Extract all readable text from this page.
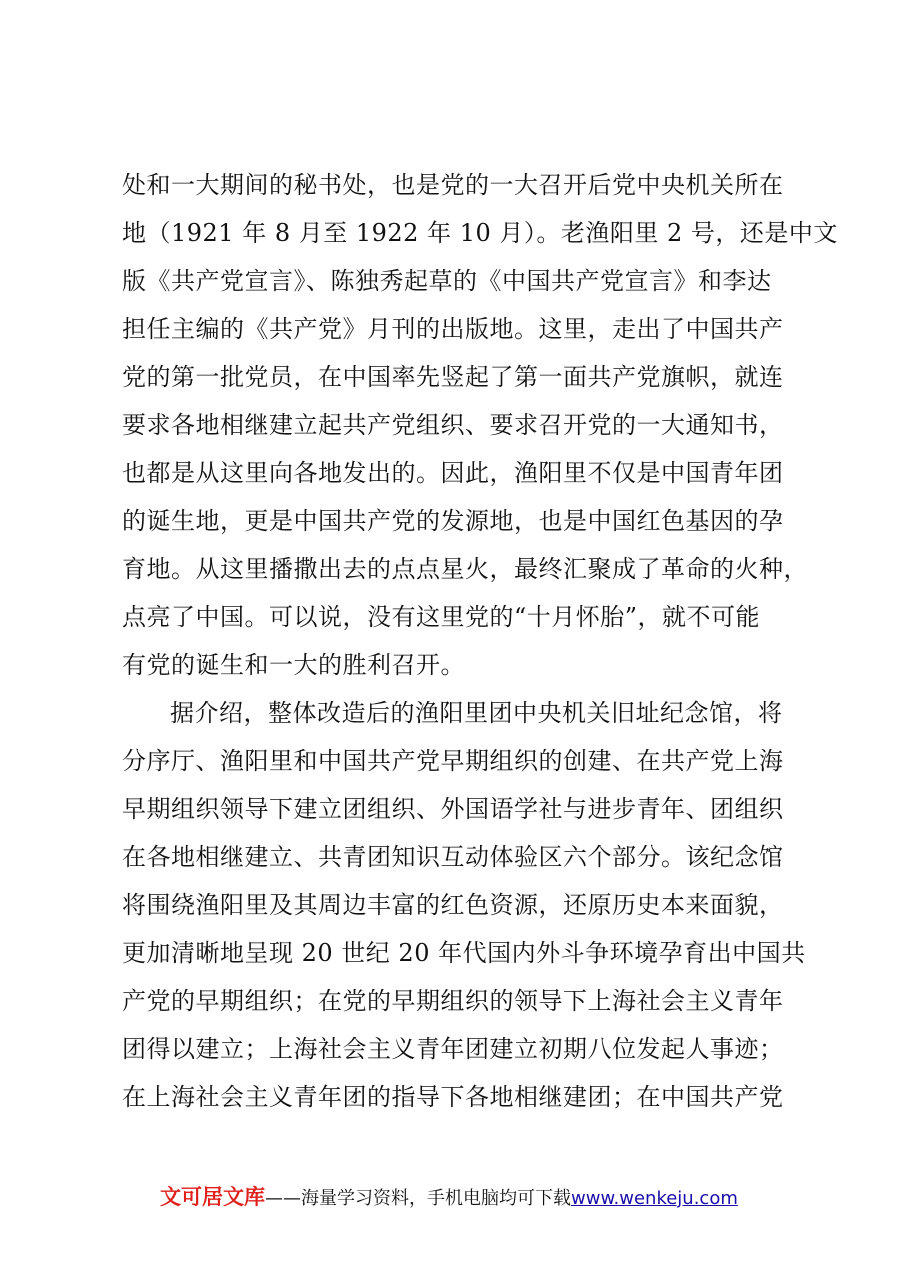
处和一大期间的秘书处，也是党的一大召开后党中央机关所在
地（1921 年 8 月至 1922 年 10 月）。老渔阳里 2 号，还是中文
版《共产党宣言》、陈独秀起草的《中国共产党宣言》和李达
担任主编的《共产党》月刊的出版地。这里，走出了中国共产
党的第一批党员，在中国率先竖起了第一面共产党旗帜，就连
要求各地相继建立起共产党组织、要求召开党的一大通知书，
也都是从这里向各地发出的。因此，渔阳里不仅是中国青年团
的诞生地，更是中国共产党的发源地，也是中国红色基因的孕
育地。从这里播撒出去的点点星火，最终汇聚成了革命的火种，
点亮了中国。可以说，没有这里党的“十月怀胎”，就不可能
有党的诞生和一大的胜利召开。
据介绍，整体改造后的渔阳里团中央机关旧址纪念馆，将
分序厅、渔阳里和中国共产党早期组织的创建、在共产党上海
早期组织领导下建立团组织、外国语学社与进步青年、团组织
在各地相继建立、共青团知识互动体验区六个部分。该纪念馆
将围绕渔阳里及其周边丰富的红色资源，还原历史本来面貌，
更加清晰地呈现 20 世纪 20 年代国内外斗争环境孕育出中国共
产党的早期组织；在党的早期组织的领导下上海社会主义青年
团得以建立；上海社会主义青年团建立初期八位发起人事迹；
在上海社会主义青年团的指导下各地相继建团；在中国共产党
文可居文库——海量学习资料，手机电脑均可下载www.wenkeju.com
